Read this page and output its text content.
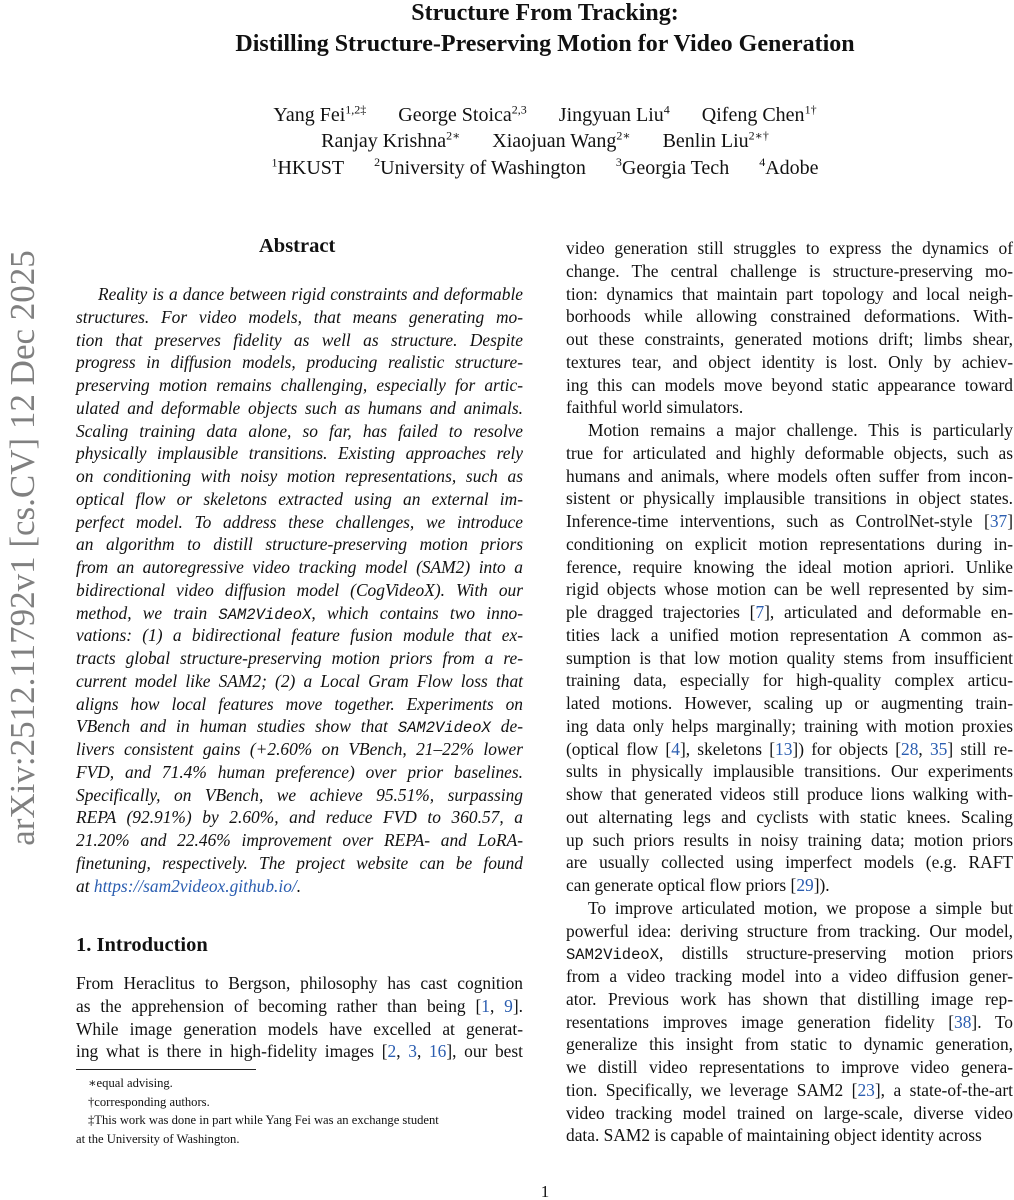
arXiv:2512.11792v1 [cs.CV] 12 Dec 2025
Structure From Tracking:
Distilling Structure-Preserving Motion for Video Generation
Yang Fei$^{1,2\ddagger}$ George Stoica$^{2,3}$ Jingyuan Liu$^4$ Qifeng Chen$^{1\dagger}$
Ranjay Krishna$^{2∗}$ Xiaojuan Wang$^{2∗}$ Benlin Liu$^{2∗\dagger}$
$^1$HKUST	$^2$University of Washington	$^3$Georgia Tech	$^4$Adobe
Abstract
Reality is a dance between rigid constraints and deformable
structures. For video models, that means generating mo-
tion that preserves fidelity as well as structure. Despite
progress in diffusion models, producing realistic structure-
preserving motion remains challenging, especially for artic-
ulated and deformable objects such as humans and animals.
Scaling training data alone, so far, has failed to resolve
physically implausible transitions. Existing approaches rely
on conditioning with noisy motion representations, such as
optical flow or skeletons extracted using an external im-
perfect model. To address these challenges, we introduce
an algorithm to distill structure-preserving motion priors
from an autoregressive video tracking model (SAM2) into a
bidirectional video diffusion model (CogVideoX). With our
method, we train SAM2VideoX, which contains two inno-
vations: (1) a bidirectional feature fusion module that ex-
tracts global structure-preserving motion priors from a re-
current model like SAM2; (2) a Local Gram Flow loss that
aligns how local features move together. Experiments on
VBench and in human studies show that SAM2VideoX de-
livers consistent gains (+2.60% on VBench, 21–22% lower
FVD, and 71.4% human preference) over prior baselines.
Specifically, on VBench, we achieve 95.51%, surpassing
REPA (92.91%) by 2.60%, and reduce FVD to 360.57, a
21.20% and 22.46% improvement over REPA- and LoRA-
finetuning, respectively. The project website can be found
at https://sam2videox.github.io/.
1. Introduction
From Heraclitus to Bergson, philosophy has cast cognition
as the apprehension of becoming rather than being [1, 9].
While image generation models have excelled at generat-
ing what is there in high-fidelity images [2, 3, 16], our best
∗equal advising.
†corresponding authors.
‡This work was done in part while Yang Fei was an exchange student
at the University of Washington.
video generation still struggles to express the dynamics of
change. The central challenge is structure-preserving mo-
tion: dynamics that maintain part topology and local neigh-
borhoods while allowing constrained deformations. With-
out these constraints, generated motions drift; limbs shear,
textures tear, and object identity is lost. Only by achiev-
ing this can models move beyond static appearance toward
faithful world simulators.
Motion remains a major challenge. This is particularly
true for articulated and highly deformable objects, such as
humans and animals, where models often suffer from incon-
sistent or physically implausible transitions in object states.
Inference-time interventions, such as ControlNet-style [37]
conditioning on explicit motion representations during in-
ference, require knowing the ideal motion apriori. Unlike
rigid objects whose motion can be well represented by sim-
ple dragged trajectories [7], articulated and deformable en-
tities lack a unified motion representation A common as-
sumption is that low motion quality stems from insufficient
training data, especially for high-quality complex articu-
lated motions. However, scaling up or augmenting train-
ing data only helps marginally; training with motion proxies
(optical flow [4], skeletons [13]) for objects [28, 35] still re-
sults in physically implausible transitions. Our experiments
show that generated videos still produce lions walking with-
out alternating legs and cyclists with static knees. Scaling
up such priors results in noisy training data; motion priors
are usually collected using imperfect models (e.g. RAFT
can generate optical flow priors [29]).
To improve articulated motion, we propose a simple but
powerful idea: deriving structure from tracking. Our model,
SAM2VideoX, distills structure-preserving motion priors
from a video tracking model into a video diffusion gener-
ator. Previous work has shown that distilling image rep-
resentations improves image generation fidelity [38]. To
generalize this insight from static to dynamic generation,
we distill video representations to improve video genera-
tion. Specifically, we leverage SAM2 [23], a state-of-the-art
video tracking model trained on large-scale, diverse video
data. SAM2 is capable of maintaining object identity across
1
